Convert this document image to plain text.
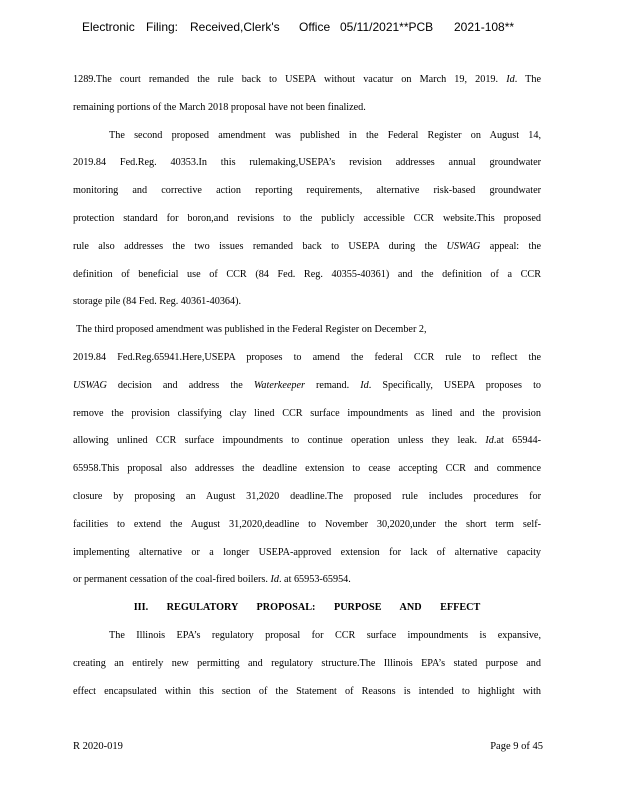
Electronic Filing: Received,Clerk's Office 05/11/2021**PCB 2021-108**
1289.The court remanded the rule back to USEPA without vacatur on March 19, 2019. Id. The
remaining portions of the March 2018 proposal have not been finalized.
The second proposed amendment was published in the Federal Register on August 14,
2019.84 Fed.Reg. 40353.In this rulemaking,USEPA’s revision addresses annual groundwater
monitoring and corrective action reporting requirements, alternative risk-based groundwater
protection standard for boron,and revisions to the publicly accessible CCR website.This proposed
rule also addresses the two issues remanded back to USEPA during the USWAG appeal: the
definition of beneficial use of CCR (84 Fed. Reg. 40355-40361) and the definition of a CCR
storage pile (84 Fed. Reg. 40361-40364).
The third proposed amendment was published in the Federal Register on December 2,
2019.84 Fed.Reg.65941.Here,USEPA proposes to amend the federal CCR rule to reflect the
USWAG decision and address the Waterkeeper remand. Id. Specifically, USEPA proposes to
remove the provision classifying clay lined CCR surface impoundments as lined and the provision
allowing unlined CCR surface impoundments to continue operation unless they leak. Id.at 65944-
65958.This proposal also addresses the deadline extension to cease accepting CCR and commence
closure by proposing an August 31,2020 deadline.The proposed rule includes procedures for
facilities to extend the August 31,2020,deadline to November 30,2020,under the short term self-
implementing alternative or a longer USEPA-approved extension for lack of alternative capacity
or permanent cessation of the coal-fired boilers. Id. at 65953-65954.
III. REGULATORY PROPOSAL: PURPOSE AND EFFECT
The Illinois EPA’s regulatory proposal for CCR surface impoundments is expansive,
creating an entirely new permitting and regulatory structure.The Illinois EPA’s stated purpose and
effect encapsulated within this section of the Statement of Reasons is intended to highlight with
R 2020-019	Page 9 of 45
